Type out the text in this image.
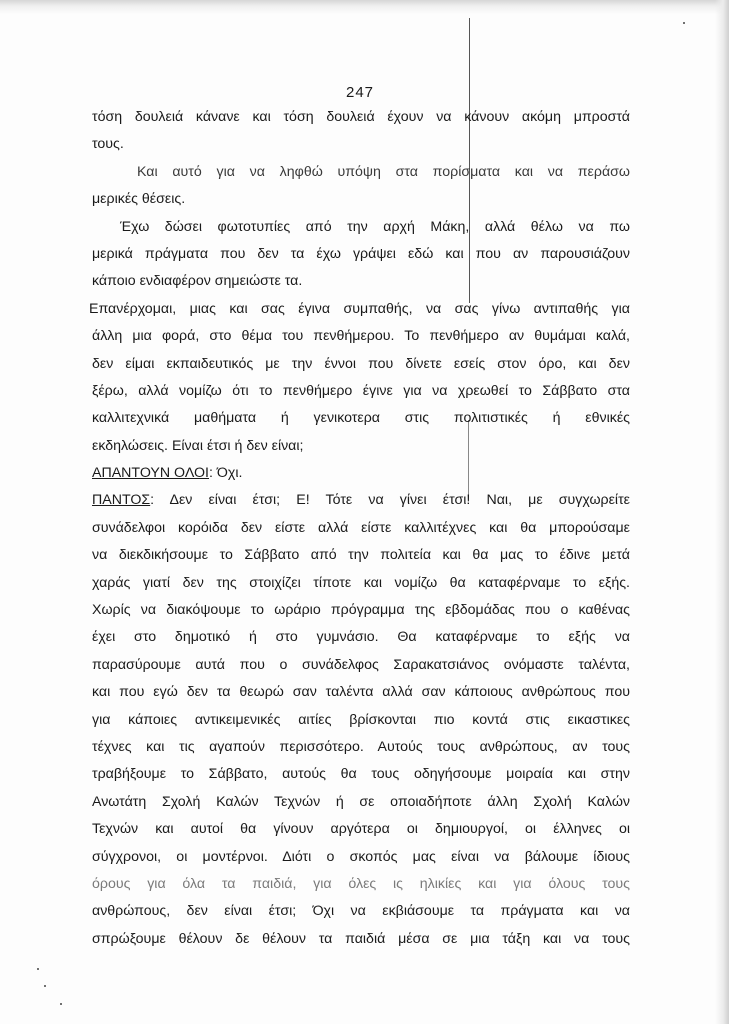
247
τόση δουλειά κάνανε και τόση δουλειά έχουν να κάνουν ακόμη μπροστά
τους.
Και αυτό για να ληφθώ υπόψη στα πορίσματα και να περάσω
μερικές θέσεις.
Έχω δώσει φωτοτυπίες από την αρχή Μάκη, αλλά θέλω να πω
μερικά πράγματα που δεν τα έχω γράψει εδώ και που αν παρουσιάζουν
κάποιο ενδιαφέρον σημειώστε τα.
Επανέρχομαι, μιας και σας έγινα συμπαθής, να σας γίνω αντιπαθής για
άλλη μια φορά, στο θέμα του πενθήμερου. Το πενθήμερο αν θυμάμαι καλά,
δεν είμαι εκπαιδευτικός με την έννοι που δίνετε εσείς στον όρο, και δεν
ξέρω, αλλά νομίζω ότι το πενθήμερο έγινε για να χρεωθεί το Σάββατο στα
καλλιτεχνικά μαθήματα ή γενικοτερα στις πολιτιστικές ή εθνικές
εκδηλώσεις. Είναι έτσι ή δεν είναι;
ΑΠΑΝΤΟΥΝ ΟΛΟΙ: Όχι.
ΠΑΝΤΟΣ: Δεν είναι έτσι; Ε! Τότε να γίνει έτσι! Ναι, με συγχωρείτε
συνάδελφοι κορόιδα δεν είστε αλλά είστε καλλιτέχνες και θα μπορούσαμε
να διεκδικήσουμε το Σάββατο από την πολιτεία και θα μας το έδινε μετά
χαράς γιατί δεν της στοιχίζει τίποτε και νομίζω θα καταφέρναμε το εξής.
Χωρίς να διακόψουμε το ωράριο πρόγραμμα της εβδομάδας που ο καθένας
έχει στο δημοτικό ή στο γυμνάσιο. Θα καταφέρναμε το εξής να
παρασύρουμε αυτά που ο συνάδελφος Σαρακατσιάνος ονόμαστε ταλέντα,
και που εγώ δεν τα θεωρώ σαν ταλέντα αλλά σαν κάποιους ανθρώπους που
για κάποιες αντικειμενικές αιτίες βρίσκονται πιο κοντά στις εικαστικες
τέχνες και τις αγαπούν περισσότερο. Αυτούς τους ανθρώπους, αν τους
τραβήξουμε το Σάββατο, αυτούς θα τους οδηγήσουμε μοιραία και στην
Ανωτάτη Σχολή Καλών Τεχνών ή σε οποιαδήποτε άλλη Σχολή Καλών
Τεχνών και αυτοί θα γίνουν αργότερα οι δημιουργοί, οι έλληνες οι
σύγχρονοι, οι μοντέρνοι. Διότι ο σκοπός μας είναι να βάλουμε ίδιους
όρους για όλα τα παιδιά, για όλες ις ηλικίες και για όλους τους
ανθρώπους, δεν είναι έτσι; Όχι να εκβιάσουμε τα πράγματα και να
σπρώξουμε θέλουν δε θέλουν τα παιδιά μέσα σε μια τάξη και να τους
